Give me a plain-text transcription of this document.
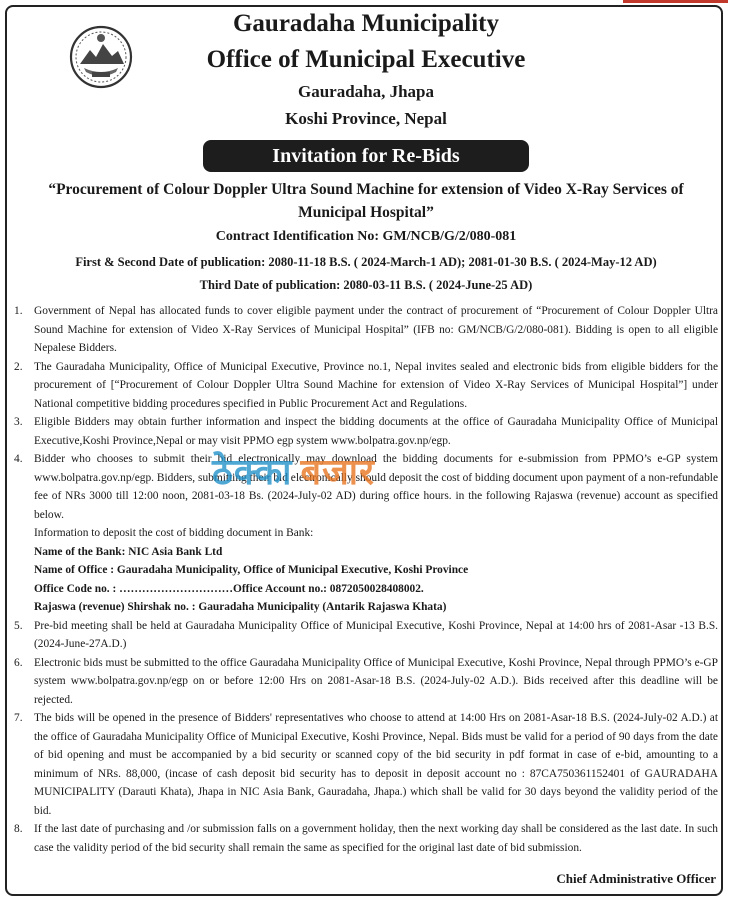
Gauradaha Municipality
Office of Municipal Executive
Gauradaha, Jhapa
Koshi Province, Nepal
Invitation for Re-Bids
“Procurement of Colour Doppler Ultra Sound Machine for extension of Video X-Ray Services of
Municipal Hospital”
Contract Identification No: GM/NCB/G/2/080-081
First & Second Date of publication: 2080-11-18 B.S. ( 2024-March-1 AD); 2081-01-30 B.S. ( 2024-May-12 AD)
Third Date of publication: 2080-03-11 B.S. ( 2024-June-25 AD)
1. Government of Nepal has allocated funds to cover eligible payment under the contract of procurement of “Procurement of Colour Doppler Ultra Sound Machine for extension of Video X-Ray Services of Municipal Hospital” (IFB no: GM/NCB/G/2/080-081). Bidding is open to all eligible Nepalese Bidders.
2. The Gauradaha Municipality, Office of Municipal Executive, Province no.1, Nepal invites sealed and electronic bids from eligible bidders for the procurement of [“Procurement of Colour Doppler Ultra Sound Machine for extension of Video X-Ray Services of Municipal Hospital”] under National competitive bidding procedures specified in Public Procurement Act and Regulations.
3. Eligible Bidders may obtain further information and inspect the bidding documents at the office of Gauradaha Municipality Office of Municipal Executive,Koshi Province,Nepal or may visit PPMO egp system www.bolpatra.gov.np/egp.
4. Bidder who chooses to submit their bid electronically may download the bidding documents for e-submission from PPMO’s e-GP system www.bolpatra.gov.np/egp. Bidders, submitting their bid electronically should deposit the cost of bidding document upon payment of a non-refundable fee of NRs 3000 till 12:00 noon, 2081-03-18 Bs. (2024-July-02 AD) during office hours. in the following Rajaswa (revenue) account as specified below.
Information to deposit the cost of bidding document in Bank:
Name of the Bank: NIC Asia Bank Ltd
Name of Office : Gauradaha Municipality, Office of Municipal Executive, Koshi Province
Office Code no. : …………………………Office Account no.: 0872050028408002.
Rajaswa (revenue) Shirshak no. : Gauradaha Municipality (Antarik Rajaswa Khata)
5. Pre-bid meeting shall be held at Gauradaha Municipality Office of Municipal Executive, Koshi Province, Nepal at 14:00 hrs of 2081-Asar -13 B.S. (2024-June-27A.D.)
6. Electronic bids must be submitted to the office Gauradaha Municipality Office of Municipal Executive, Koshi Province, Nepal through PPMO’s e-GP system www.bolpatra.gov.np/egp on or before 12:00 Hrs on 2081-Asar-18 B.S. (2024-July-02 A.D.). Bids received after this deadline will be rejected.
7. The bids will be opened in the presence of Bidders' representatives who choose to attend at 14:00 Hrs on 2081-Asar-18 B.S. (2024-July-02 A.D.) at the office of Gauradaha Municipality Office of Municipal Executive, Koshi Province, Nepal. Bids must be valid for a period of 90 days from the date of bid opening and must be accompanied by a bid security or scanned copy of the bid security in pdf format in case of e-bid, amounting to a minimum of NRs. 88,000, (incase of cash deposit bid security has to deposit in deposit account no : 87CA750361152401 of GAURADAHA MUNICIPALITY (Darauti Khata), Jhapa in NIC Asia Bank, Gauradaha, Jhapa.) which shall be valid for 30 days beyond the validity period of the bid.
8. If the last date of purchasing and /or submission falls on a government holiday, then the next working day shall be considered as the last date. In such case the validity period of the bid security shall remain the same as specified for the original last date of bid submission.
ठेक्का बजार
Chief Administrative Officer
